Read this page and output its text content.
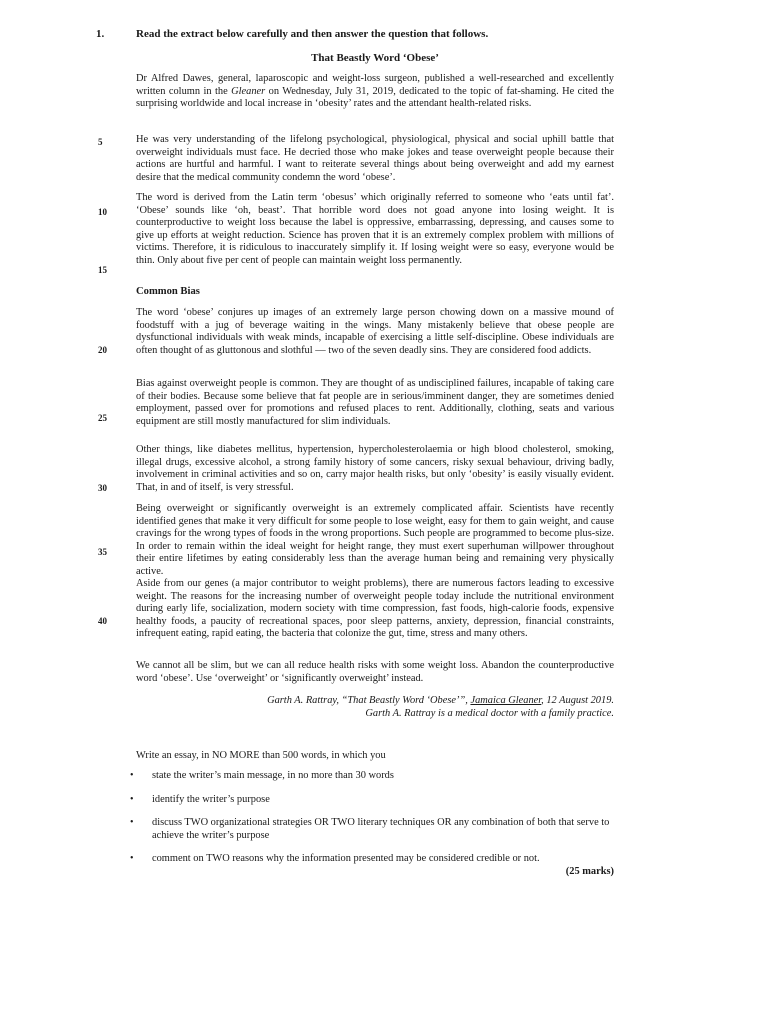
1.	Read the extract below carefully and then answer the question that follows.
That Beastly Word ‘Obese’

Dr Alfred Dawes, general, laparoscopic and weight-loss surgeon, published a well-researched and excellently written column in the Gleaner on Wednesday, July 31, 2019, dedicated to the topic of fat-shaming. He cited the surprising worldwide and local increase in ‘obesity’ rates and the attendant health-related risks.

5	He was very understanding of the lifelong psychological, physiological, physical and social uphill battle that overweight individuals must face. He decried those who make jokes and tease overweight people because their actions are hurtful and harmful. I want to reiterate several things about being overweight and add my earnest desire that the medical community condemn the word ‘obese’.

10

The word is derived from the Latin term ‘obesus’ which originally referred to someone who ‘eats until fat’. ‘Obese’ sounds like ‘oh, beast’. That horrible word does not goad anyone into losing weight. It is counterproductive to weight loss because the label is oppressive, embarrassing, depressing, and causes some to give up efforts at weight reduction. Science has proven that it is an extremely complex problem with millions of victims. Therefore, it is ridiculous to inaccurately simplify it. If losing weight were so easy, everyone would be thin. Only about five per cent of people can maintain weight loss permanently.

15
Common Bias

The word ‘obese’ conjures up images of an extremely large person chowing down on a massive mound of foodstuff with a jug of beverage waiting in the wings. Many mistakenly believe that obese people are dysfunctional individuals with weak minds, incapable of exercising a little self-discipline. Obese individuals are often thought of as gluttonous and slothful — two of the seven deadly sins. They are considered food addicts.

20

Bias against overweight people is common. They are thought of as undisciplined failures, incapable of taking care of their bodies. Because some believe that fat people are in serious/imminent danger, they are sometimes denied employment, passed over for promotions and refused places to rent. Additionally, clothing, seats and various equipment are still mostly manufactured for slim individuals.

25

Other things, like diabetes mellitus, hypertension, hypercholesterolaemia or high blood cholesterol, smoking, illegal drugs, excessive alcohol, a strong family history of some cancers, risky sexual behaviour, driving badly, involvement in criminal activities and so on, carry major health risks, but only ‘obesity’ is easily visually evident. That, in and of itself, is very stressful.

30

Being overweight or significantly overweight is an extremely complicated affair. Scientists have recently identified genes that make it very difficult for some people to lose weight, easy for them to gain weight, and cause cravings for the wrong types of foods in the wrong proportions. Such people are programmed to become plus-size. In order to remain within the ideal weight for height range, they must exert superhuman willpower throughout their entire lifetimes by eating considerably less than the average human being and remaining very physically active.

35

Aside from our genes (a major contributor to weight problems), there are numerous factors leading to excessive weight. The reasons for the increasing number of overweight people today include the nutritional environment during early life, socialization, modern society with time compression, fast foods, high-calorie foods, expensive healthy foods, a paucity of recreational spaces, poor sleep patterns, anxiety, depression, financial constraints, infrequent eating, rapid eating, the bacteria that colonize the gut, time, stress and many others.

40

We cannot all be slim, but we can all reduce health risks with some weight loss. Abandon the counterproductive word ‘obese’. Use ‘overweight’ or ‘significantly overweight’ instead.

Garth A. Rattray, “That Beastly Word ‘Obese’”, Jamaica Gleaner, 12 August 2019.
Garth A. Rattray is a medical doctor with a family practice.
Write an essay, in NO MORE than 500 words, in which you
• state the writer’s main message, in no more than 30 words
• identify the writer’s purpose
• discuss TWO organizational strategies OR TWO literary techniques OR any combination of both that serve to achieve the writer’s purpose
• comment on TWO reasons why the information presented may be considered credible or not.
(25 marks)
